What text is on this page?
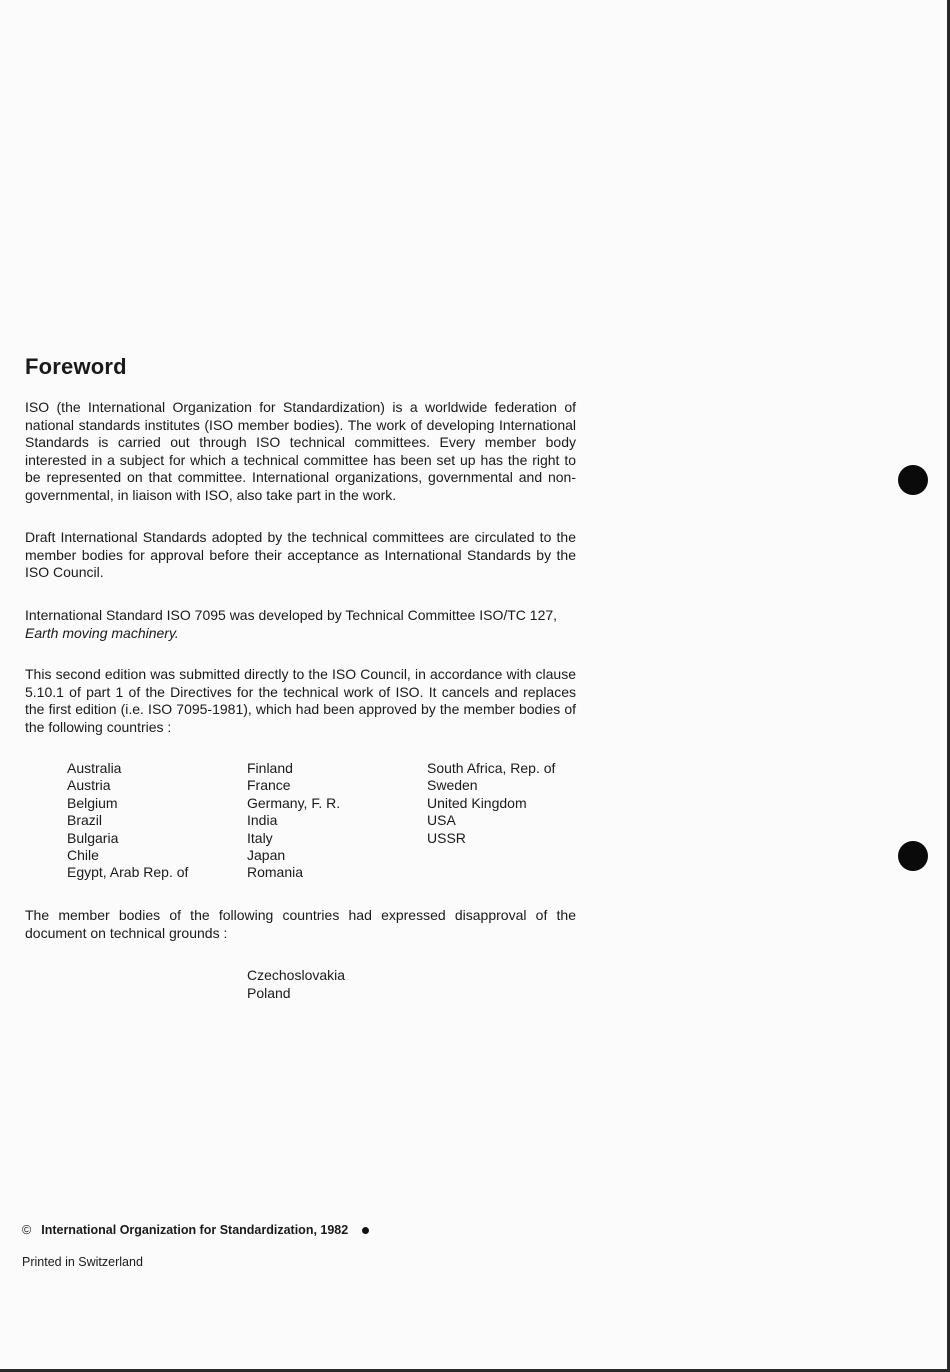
Foreword

ISO (the International Organization for Standardization) is a worldwide federation of national standards institutes (ISO member bodies). The work of developing International Standards is carried out through ISO technical committees. Every member body interested in a subject for which a technical committee has been set up has the right to be represented on that committee. International organizations, governmental and non-governmental, in liaison with ISO, also take part in the work.

Draft International Standards adopted by the technical committees are circulated to the member bodies for approval before their acceptance as International Standards by the ISO Council.

International Standard ISO 7095 was developed by Technical Committee ISO/TC 127,
Earth moving machinery.

This second edition was submitted directly to the ISO Council, in accordance with clause 5.10.1 of part 1 of the Directives for the technical work of ISO. It cancels and replaces the first edition (i.e. ISO 7095-1981), which had been approved by the member bodies of the following countries :

Australia
Austria
Belgium
Brazil
Bulgaria
Chile
Egypt, Arab Rep. of
Finland
France
Germany, F. R.
India
Italy
Japan
Romania
South Africa, Rep. of
Sweden
United Kingdom
USA
USSR

The member bodies of the following countries had expressed disapproval of the document on technical grounds :

Czechoslovakia
Poland
© International Organization for Standardization, 1982
Printed in Switzerland
